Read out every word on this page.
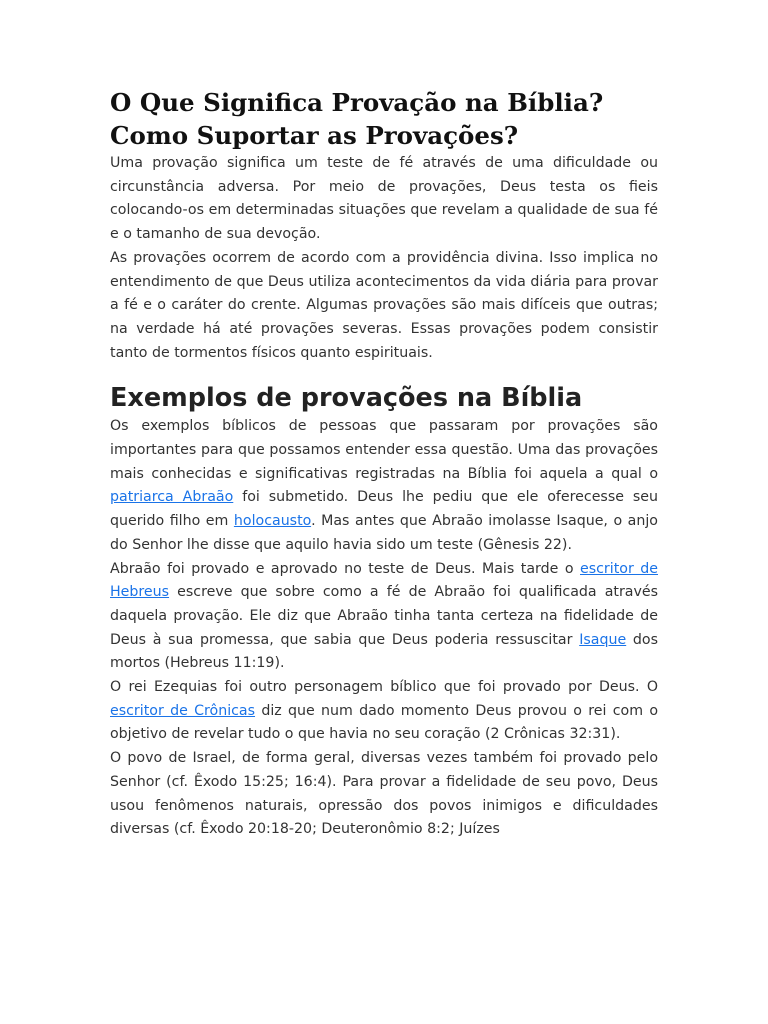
O Que Significa Provação na Bíblia?
Como Suportar as Provações?

Uma provação significa um teste de fé através de uma dificuldade ou circunstância adversa. Por meio de provações, Deus testa os fieis colocando-os em determinadas situações que revelam a qualidade de sua fé e o tamanho de sua devoção.

As provações ocorrem de acordo com a providência divina. Isso implica no entendimento de que Deus utiliza acontecimentos da vida diária para provar a fé e o caráter do crente. Algumas provações são mais difíceis que outras; na verdade há até provações severas. Essas provações podem consistir tanto de tormentos físicos quanto espirituais.

Exemplos de provações na Bíblia

Os exemplos bíblicos de pessoas que passaram por provações são importantes para que possamos entender essa questão. Uma das provações mais conhecidas e significativas registradas na Bíblia foi aquela a qual o patriarca Abraão foi submetido. Deus lhe pediu que ele oferecesse seu querido filho em holocausto. Mas antes que Abraão imolasse Isaque, o anjo do Senhor lhe disse que aquilo havia sido um teste (Gênesis 22).

Abraão foi provado e aprovado no teste de Deus. Mais tarde o escritor de Hebreus escreve que sobre como a fé de Abraão foi qualificada através daquela provação. Ele diz que Abraão tinha tanta certeza na fidelidade de Deus à sua promessa, que sabia que Deus poderia ressuscitar Isaque dos mortos (Hebreus 11:19).

O rei Ezequias foi outro personagem bíblico que foi provado por Deus. O escritor de Crônicas diz que num dado momento Deus provou o rei com o objetivo de revelar tudo o que havia no seu coração (2 Crônicas 32:31).

O povo de Israel, de forma geral, diversas vezes também foi provado pelo Senhor (cf. Êxodo 15:25; 16:4). Para provar a fidelidade de seu povo, Deus usou fenômenos naturais, opressão dos povos inimigos e dificuldades diversas (cf. Êxodo 20:18-20; Deuteronômio 8:2; Juízes
